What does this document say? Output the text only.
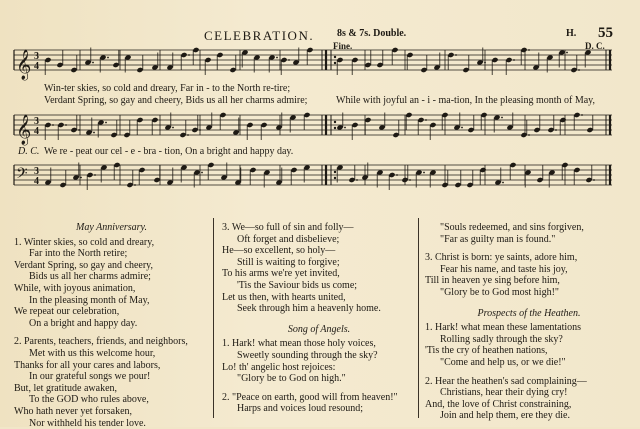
CELEBRATION. 8s & 7s. Double.	H. 55
Fine.	D. C.
𝄞 3
4
𝄞 3
4
𝄢 3
4
Win-ter skies, so cold and dreary, Far in - to the North re-tire;
Verdant Spring, so gay and cheery, Bids us all her charms admire;	While with joyful an - i - ma-tion, In the pleasing month of May,
D. C. We re - peat our cel - e - bra - tion, On a bright and happy day.
May Anniversary.
1. Winter skies, so cold and dreary,
Far into the North retire;
Verdant Spring, so gay and cheery,
Bids us all her charms admire;
While, with joyous animation,
In the pleasing month of May,
We repeat our celebration,
On a bright and happy day.
2. Parents, teachers, friends, and neighbors,
Met with us this welcome hour,
Thanks for all your cares and labors,
In our grateful songs we pour!
But, let gratitude awaken,
To the GOD who rules above,
Who hath never yet forsaken,
Nor withheld his tender love.
3. We—so full of sin and folly—
Oft forget and disbelieve;
He—so excellent, so holy—
Still is waiting to forgive;
To his arms we're yet invited,
'Tis the Saviour bids us come;
Let us then, with hearts united,
Seek through him a heavenly home.
Song of Angels.
1. Hark! what mean those holy voices,
Sweetly sounding through the sky?
Lo! th' angelic host rejoices:
"Glory be to God on high."
2. "Peace on earth, good will from heaven!"
Harps and voices loud resound;
"Souls redeemed, and sins forgiven,
"Far as guilty man is found."
3. Christ is born: ye saints, adore him,
Fear his name, and taste his joy,
Till in heaven ye sing before him,
"Glory be to God most high!"
Prospects of the Heathen.
1. Hark! what mean these lamentations
Rolling sadly through the sky?
'Tis the cry of heathen nations,
"Come and help us, or we die!"
2. Hear the heathen's sad complaining—
Christians, hear their dying cry!
And, the love of Christ constraining,
Join and help them, ere they die.
